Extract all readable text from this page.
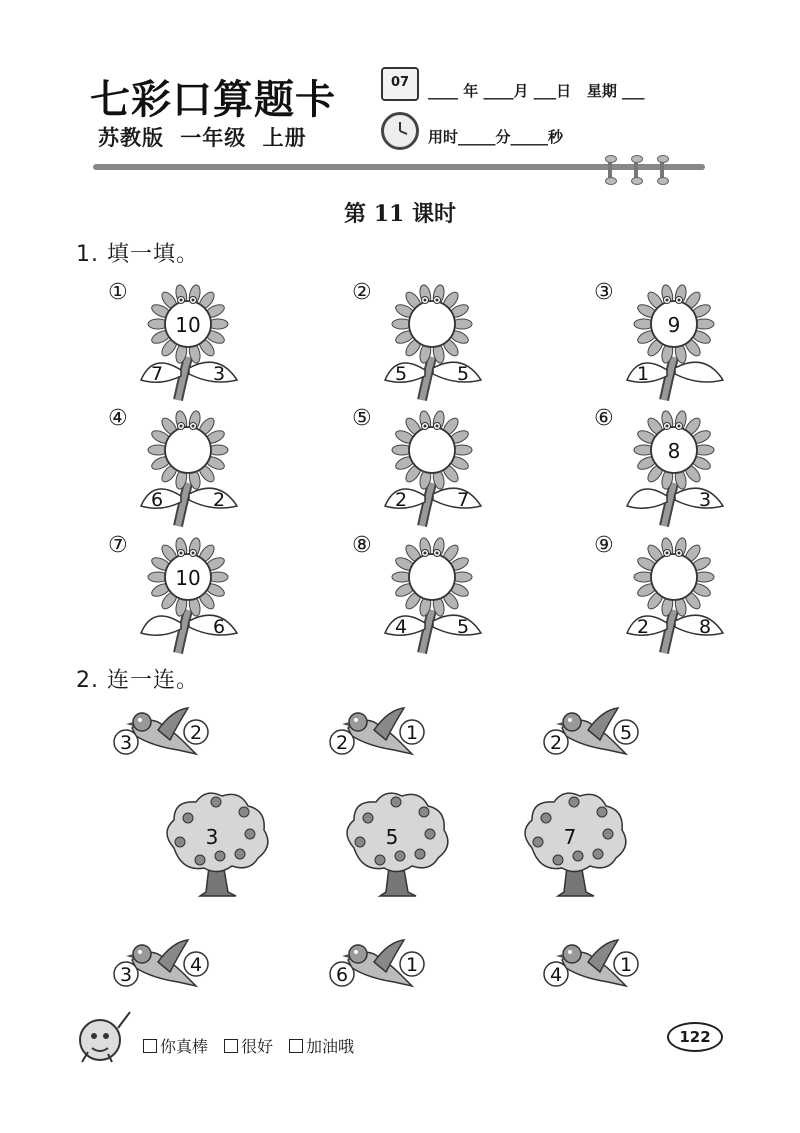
七彩口算题卡
苏教版 一年级 上册
07	____ 年 ____月 ___日   星期 ___
用时_____分_____秒
第 11 课时
1. 填一填。
①
10
7	3
②
5	5
③
9
1
④
6	2
⑤
2	7
⑥
8
3
⑦
10
6
⑧
4	5
⑨
2	8
2. 连一连。
3	2	2	1	2	5
3	4	6	1	4	1
3	5	7
你真棒 很好 加油哦	122
